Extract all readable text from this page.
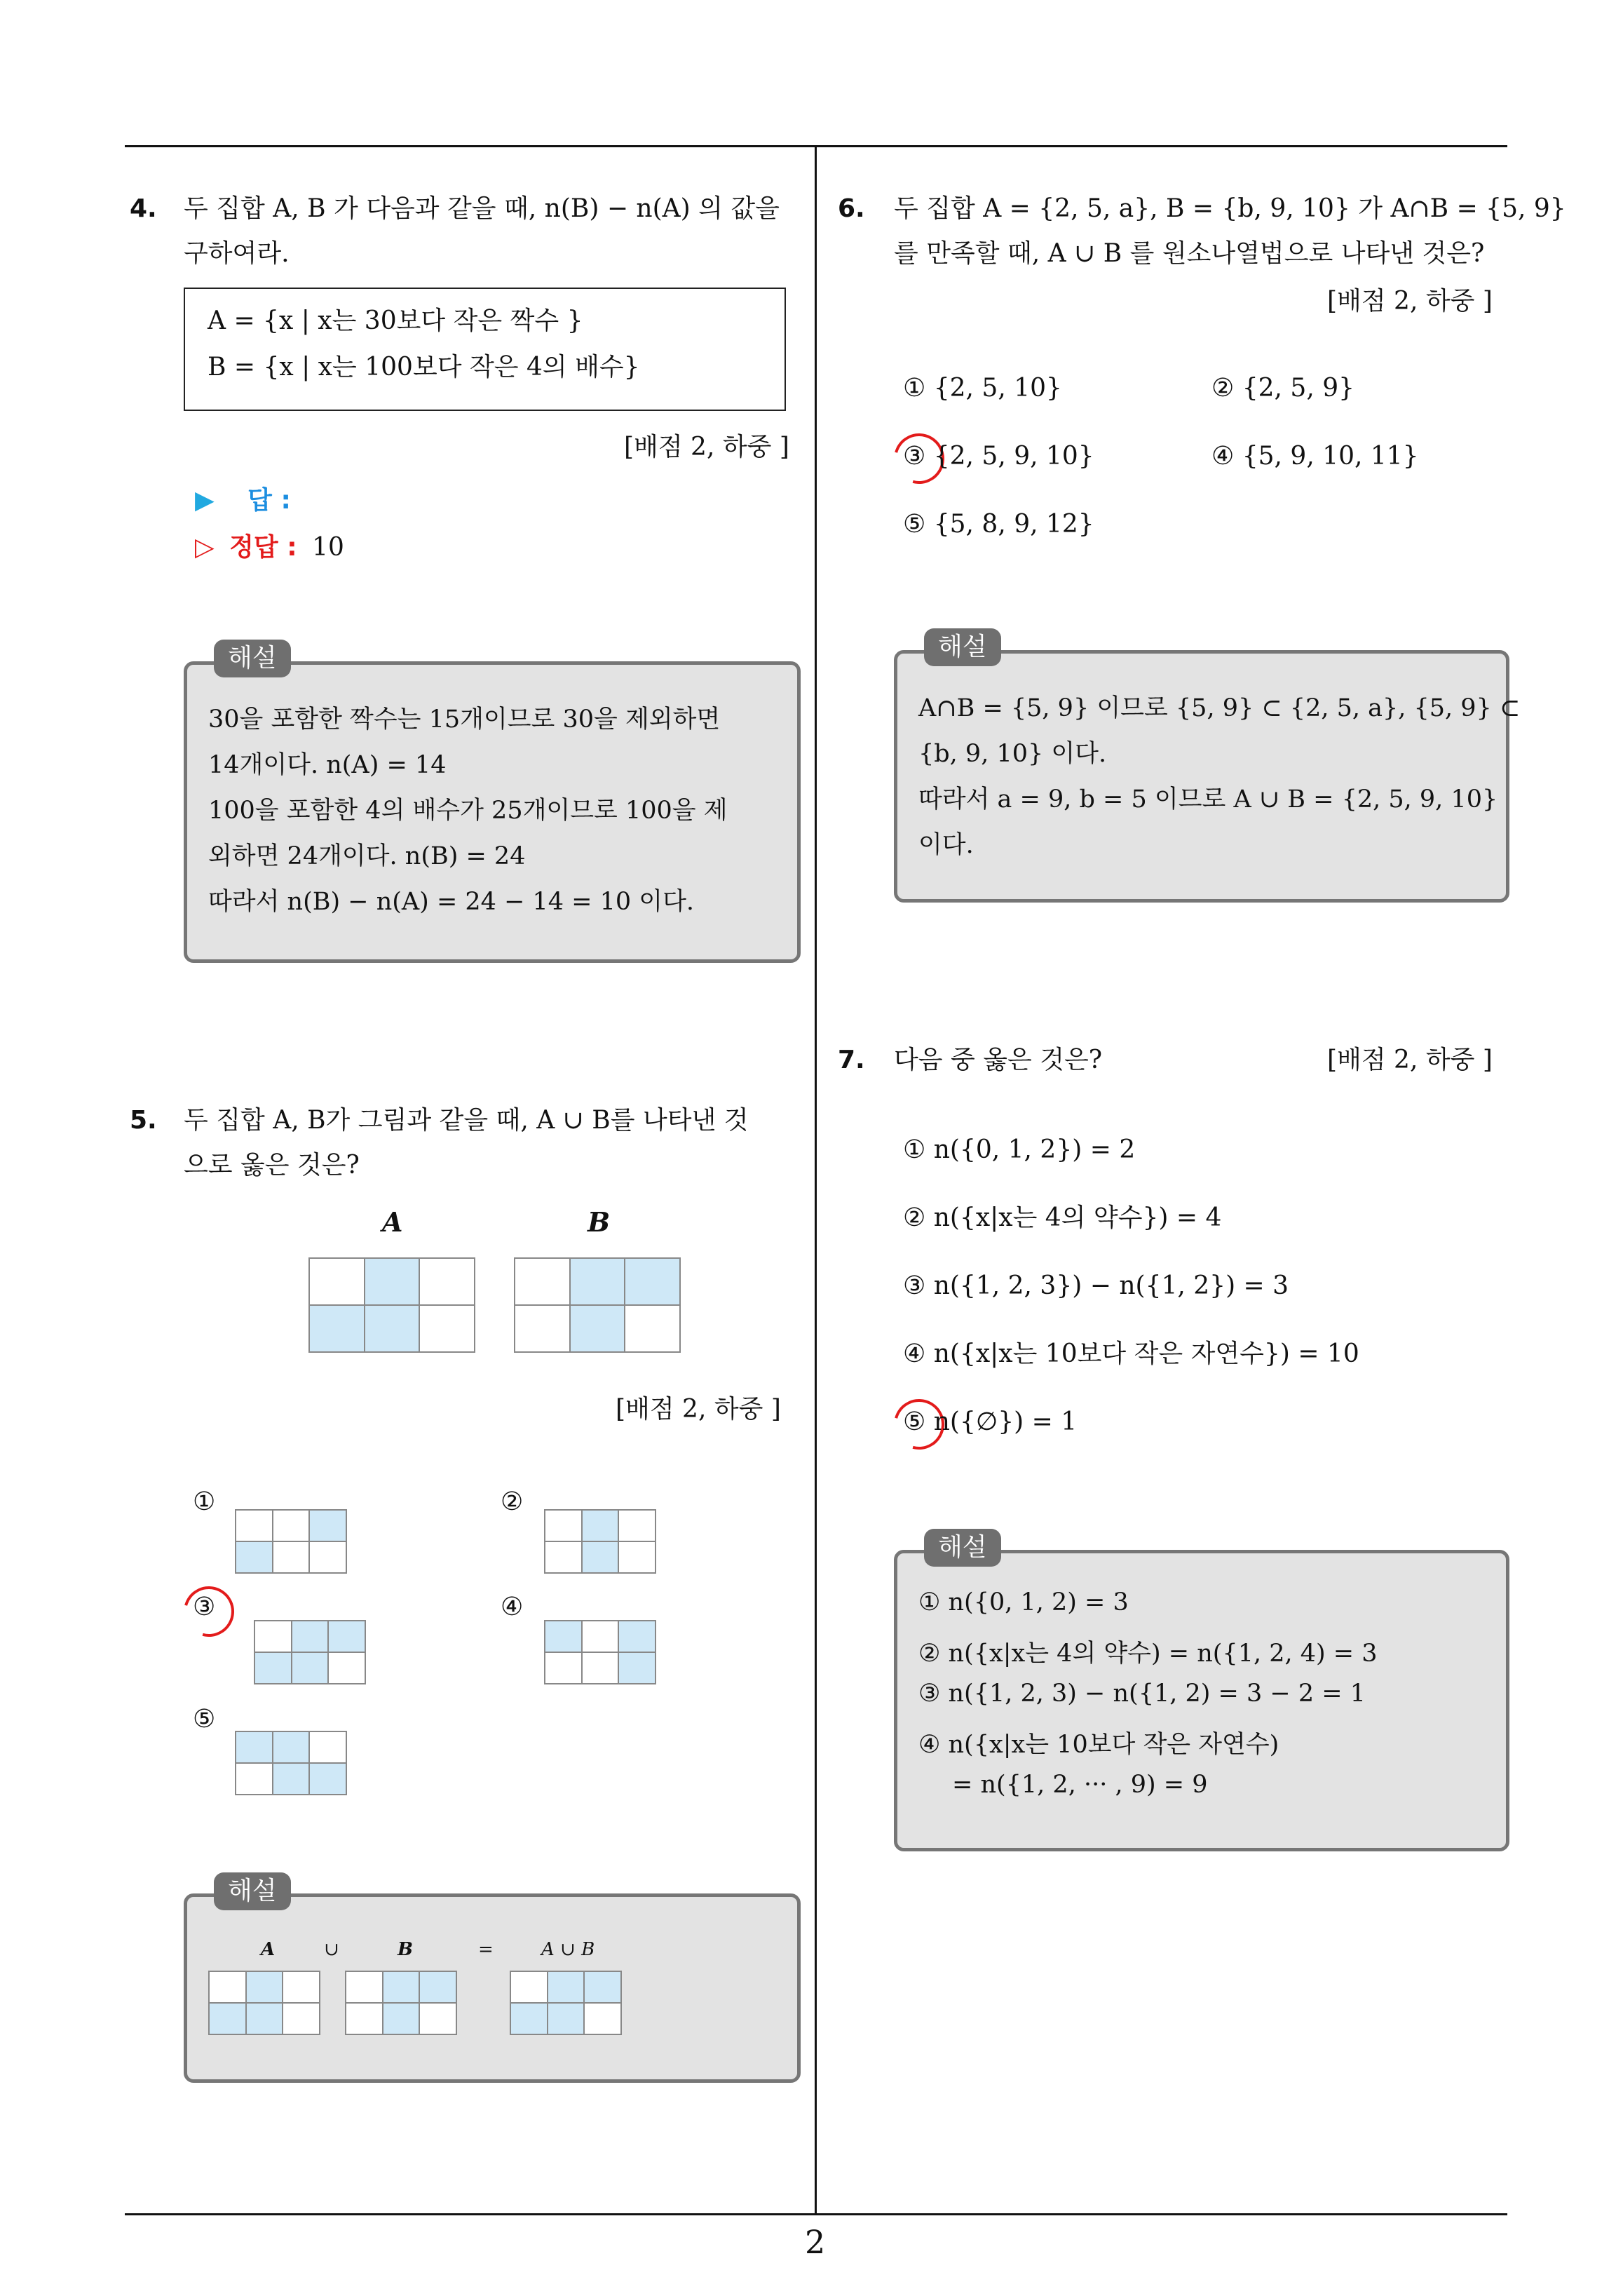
4. 두 집합 A, B 가 다음과 같을 때, n(B) − n(A) 의 값을
구하여라.
A = {x | x는 30보다 작은 짝수 }
B = {x | x는 100보다 작은 4의 배수}
[배점 2, 하중 ]
▶ 답 :
▷ 정답 : 10
30을 포함한 짝수는 15개이므로 30을 제외하면
14개이다. n(A) = 14
100을 포함한 4의 배수가 25개이므로 100을 제
외하면 24개이다. n(B) = 24
따라서 n(B) − n(A) = 24 − 14 = 10 이다.
해설
5. 두 집합 A, B가 그림과 같을 때, A ∪ B를 나타낸 것
으로 옳은 것은?
A	B
[배점 2, 하중 ]
①	②
③	④
⑤
A	∪	B	=	A ∪ B
해설
6. 두 집합 A = {2, 5, a}, B = {b, 9, 10} 가 A∩B = {5, 9}
를 만족할 때, A ∪ B 를 원소나열법으로 나타낸 것은?
[배점 2, 하중 ]
① {2, 5, 10}	② {2, 5, 9}
③ {2, 5, 9, 10}	④ {5, 9, 10, 11}
⑤ {5, 8, 9, 12}
A∩B = {5, 9} 이므로 {5, 9} ⊂ {2, 5, a}, {5, 9} ⊂
{b, 9, 10} 이다.
따라서 a = 9, b = 5 이므로 A ∪ B = {2, 5, 9, 10}
이다.
해설
7. 다음 중 옳은 것은?	[배점 2, 하중 ]
① n({0, 1, 2}) = 2
② n({x|x는 4의 약수}) = 4
③ n({1, 2, 3}) − n({1, 2}) = 3
④ n({x|x는 10보다 작은 자연수}) = 10
⑤ n({∅}) = 1
① n({0, 1, 2) = 3
② n({x|x는 4의 약수) = n({1, 2, 4) = 3
③ n({1, 2, 3) − n({1, 2) = 3 − 2 = 1
④ n({x|x는 10보다 작은 자연수)
= n({1, 2, ··· , 9) = 9
해설
2
